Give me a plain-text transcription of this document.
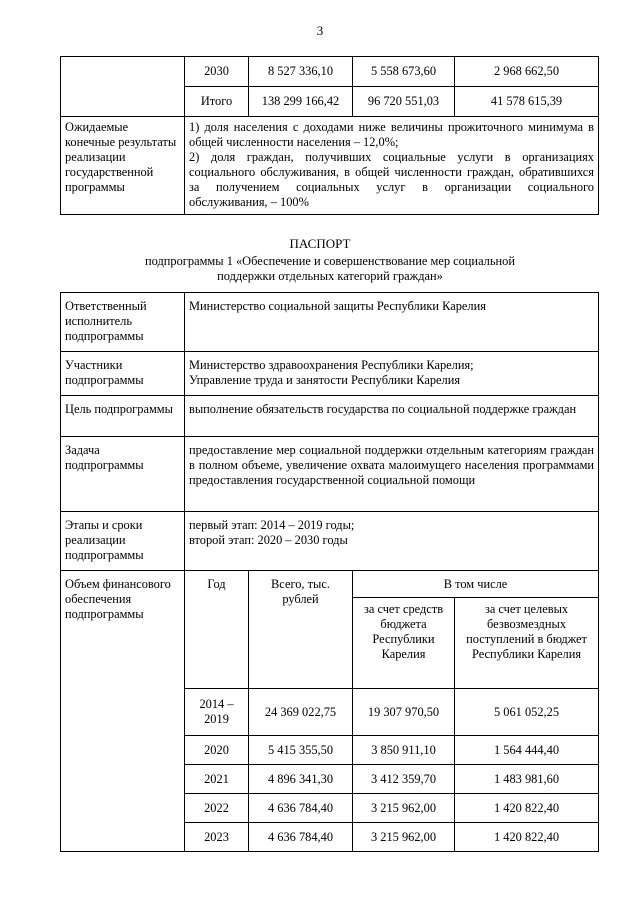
3
	2030	8 527 336,10	5 558 673,60	2 968 662,50
	Итого	138 299 166,42	96 720 551,03	41 578 615,39
Ожидаемые конечные результаты реализации государственной программы	1) доля населения с доходами ниже величины прожиточного минимума в общей численности населения – 12,0%;
2) доля граждан, получивших социальные услуги в организациях социального обслуживания, в общей численности граждан, обратившихся за получением социальных услуг в организации социального обслуживания, – 100%			
ПАСПОРТ
подпрограммы 1 «Обеспечение и совершенствование мер социальной поддержки отдельных категорий граждан»
Ответственный исполнитель подпрограммы	Министерство социальной защиты Республики Карелия			
Участники подпрограммы	Министерство здравоохранения Республики Карелия;
Управление труда и занятости Республики Карелия			

Цель подпрограммы	выполнение обязательств государства по социальной поддержке граждан			
Задача подпрограммы	предоставление мер социальной поддержки отдельным категориям граждан в полном объеме, увеличение охвата малоимущего населения программами предоставления государственной социальной помощи			
Этапы и сроки реализации подпрограммы	первый этап: 2014 – 2019 годы;
второй этап: 2020 – 2030 годы			

Объем финансового обеспечения подпрограммы	Год	Всего, тыс. рублей	В том числе	
			за счет средств бюджета Республики Карелия	за счет целевых безвозмездных поступлений в бюджет Республики Карелия
	2014 – 2019	24 369 022,75	19 307 970,50	5 061 052,25
	2020	5 415 355,50	3 850 911,10	1 564 444,40
	2021	4 896 341,30	3 412 359,70	1 483 981,60
	2022	4 636 784,40	3 215 962,00	1 420 822,40
	2023	4 636 784,40	3 215 962,00	1 420 822,40
